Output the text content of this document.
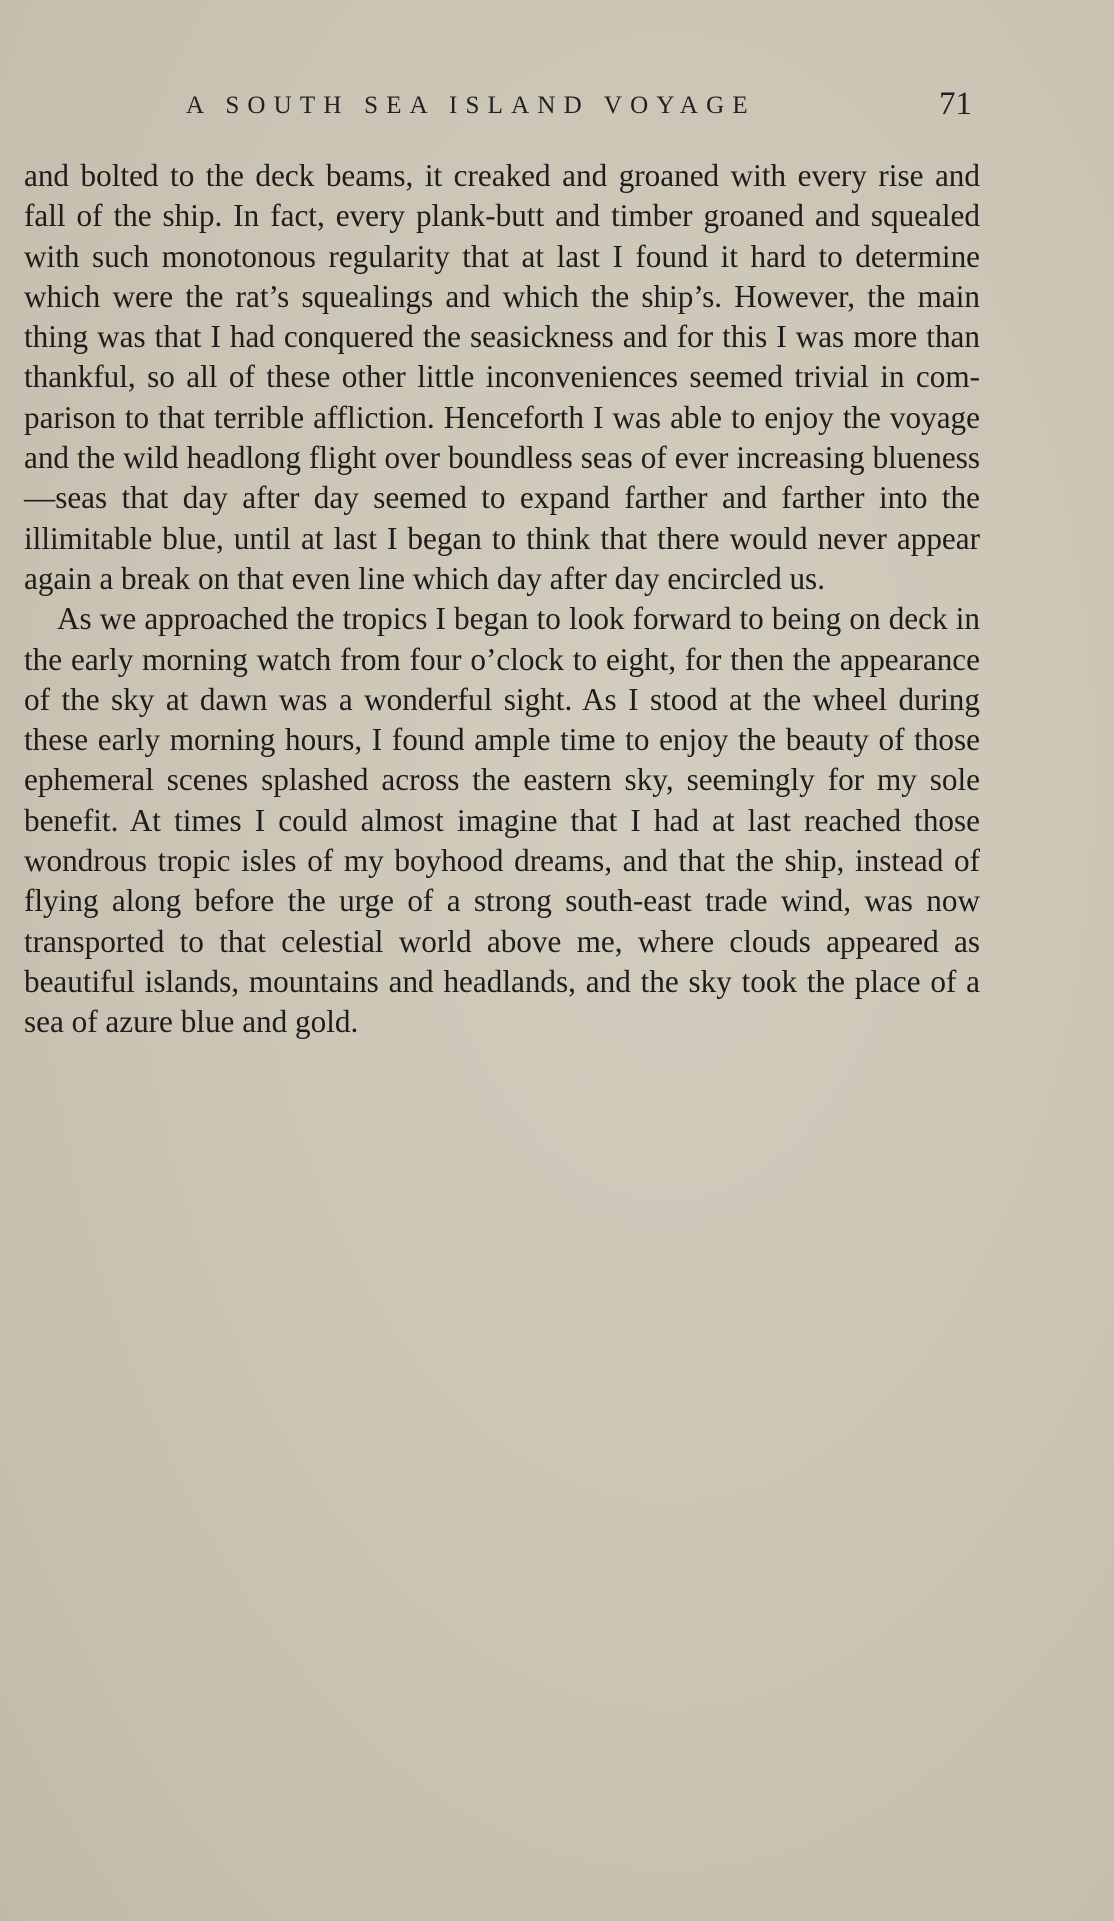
A SOUTH SEA ISLAND VOYAGE	71

and bolted to the deck beams, it creaked and groaned with every rise and fall of the ship. In fact, every plank-butt and timber groaned and squealed with such monotonous regularity that at last I found it hard to determine which were the rat’s squealings and which the ship’s. However, the main thing was that I had conquered the seasickness and for this I was more than thankful, so all of these other little inconveniences seemed trivial in com-parison to that terrible affliction. Henceforth I was able to enjoy the voyage and the wild headlong flight over boundless seas of ever increasing blueness—seas that day after day seemed to expand farther and farther into the illimitable blue, until at last I began to think that there would never appear again a break on that even line which day after day encircled us.

As we approached the tropics I began to look forward to being on deck in the early morning watch from four o’clock to eight, for then the appearance of the sky at dawn was a wonderful sight. As I stood at the wheel during these early morning hours, I found ample time to enjoy the beauty of those ephemeral scenes splashed across the eastern sky, seemingly for my sole benefit. At times I could almost imagine that I had at last reached those wondrous tropic isles of my boyhood dreams, and that the ship, instead of flying along before the urge of a strong south-east trade wind, was now transported to that celestial world above me, where clouds appeared as beautiful islands, mountains and headlands, and the sky took the place of a sea of azure blue and gold.
